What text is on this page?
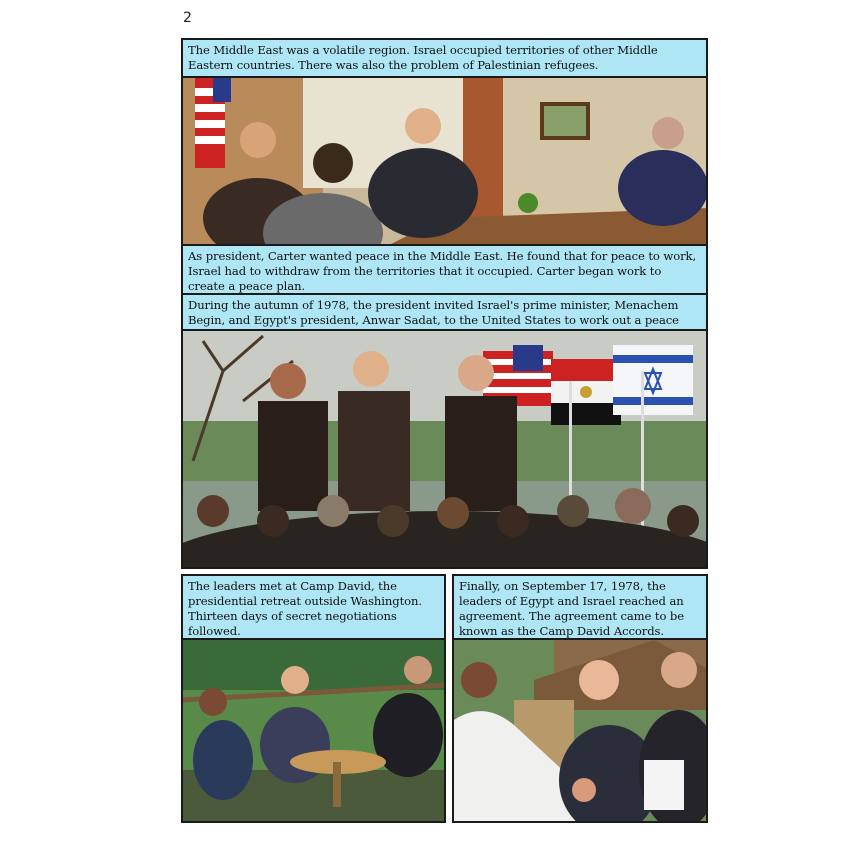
2
The Middle East was a volatile region. Israel occupied territories of other Middle Eastern countries. There was also the problem of Palestinian refugees.
As president, Carter wanted peace in the Middle East. He found that for peace to work, Israel had to withdraw from the territories that it occupied. Carter began work to create a peace plan.
During the autumn of 1978, the president invited Israel's prime minister, Menachem Begin, and Egypt's president, Anwar Sadat, to the United States to work out a peace
The leaders met at Camp David, the presidential retreat outside Washington. Thirteen days of secret negotiations followed.
Finally, on September 17, 1978, the leaders of Egypt and Israel reached an agreement. The agreement came to be known as the Camp David Accords.
